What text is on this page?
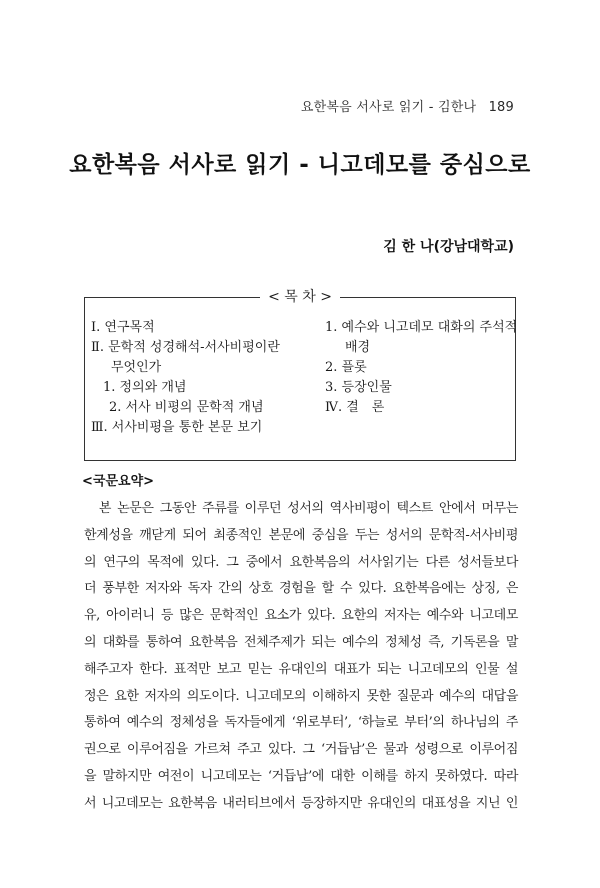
요한복음 서사로 읽기 - 김한나 189
요한복음 서사로 읽기 - 니고데모를 중심으로
김 한 나(강남대학교)
< 목 차 >
Ⅰ. 연구목적
Ⅱ. 문학적 성경해석-서사비평이란
무엇인가
1. 정의와 개념
2. 서사 비평의 문학적 개념
Ⅲ. 서사비평을 통한 본문 보기
1. 예수와 니고데모 대화의 주석적
배경
2. 플롯
3. 등장인물
Ⅳ. 결　론
<국문요약>
　본 논문은 그동안 주류를 이루던 성서의 역사비평이 텍스트 안에서 머무는
한계성을 깨닫게 되어 최종적인 본문에 중심을 두는 성서의 문학적-서사비평
의 연구의 목적에 있다. 그 중에서 요한복음의 서사읽기는 다른 성서들보다
더 풍부한 저자와 독자 간의 상호 경험을 할 수 있다. 요한복음에는 상징, 은
유, 아이러니 등 많은 문학적인 요소가 있다. 요한의 저자는 예수와 니고데모
의 대화를 통하여 요한복음 전체주제가 되는 예수의 정체성 즉, 기독론을 말
해주고자 한다. 표적만 보고 믿는 유대인의 대표가 되는 니고데모의 인물 설
정은 요한 저자의 의도이다. 니고데모의 이해하지 못한 질문과 예수의 대답을
통하여 예수의 정체성을 독자들에게 ‘위로부터’, ‘하늘로 부터’의 하나님의 주
권으로 이루어짐을 가르쳐 주고 있다. 그 ‘거듭남’은 물과 성령으로 이루어짐
을 말하지만 여전이 니고데모는 ‘거듭남’에 대한 이해를 하지 못하였다. 따라
서 니고데모는 요한복음 내러티브에서 등장하지만 유대인의 대표성을 지닌 인
